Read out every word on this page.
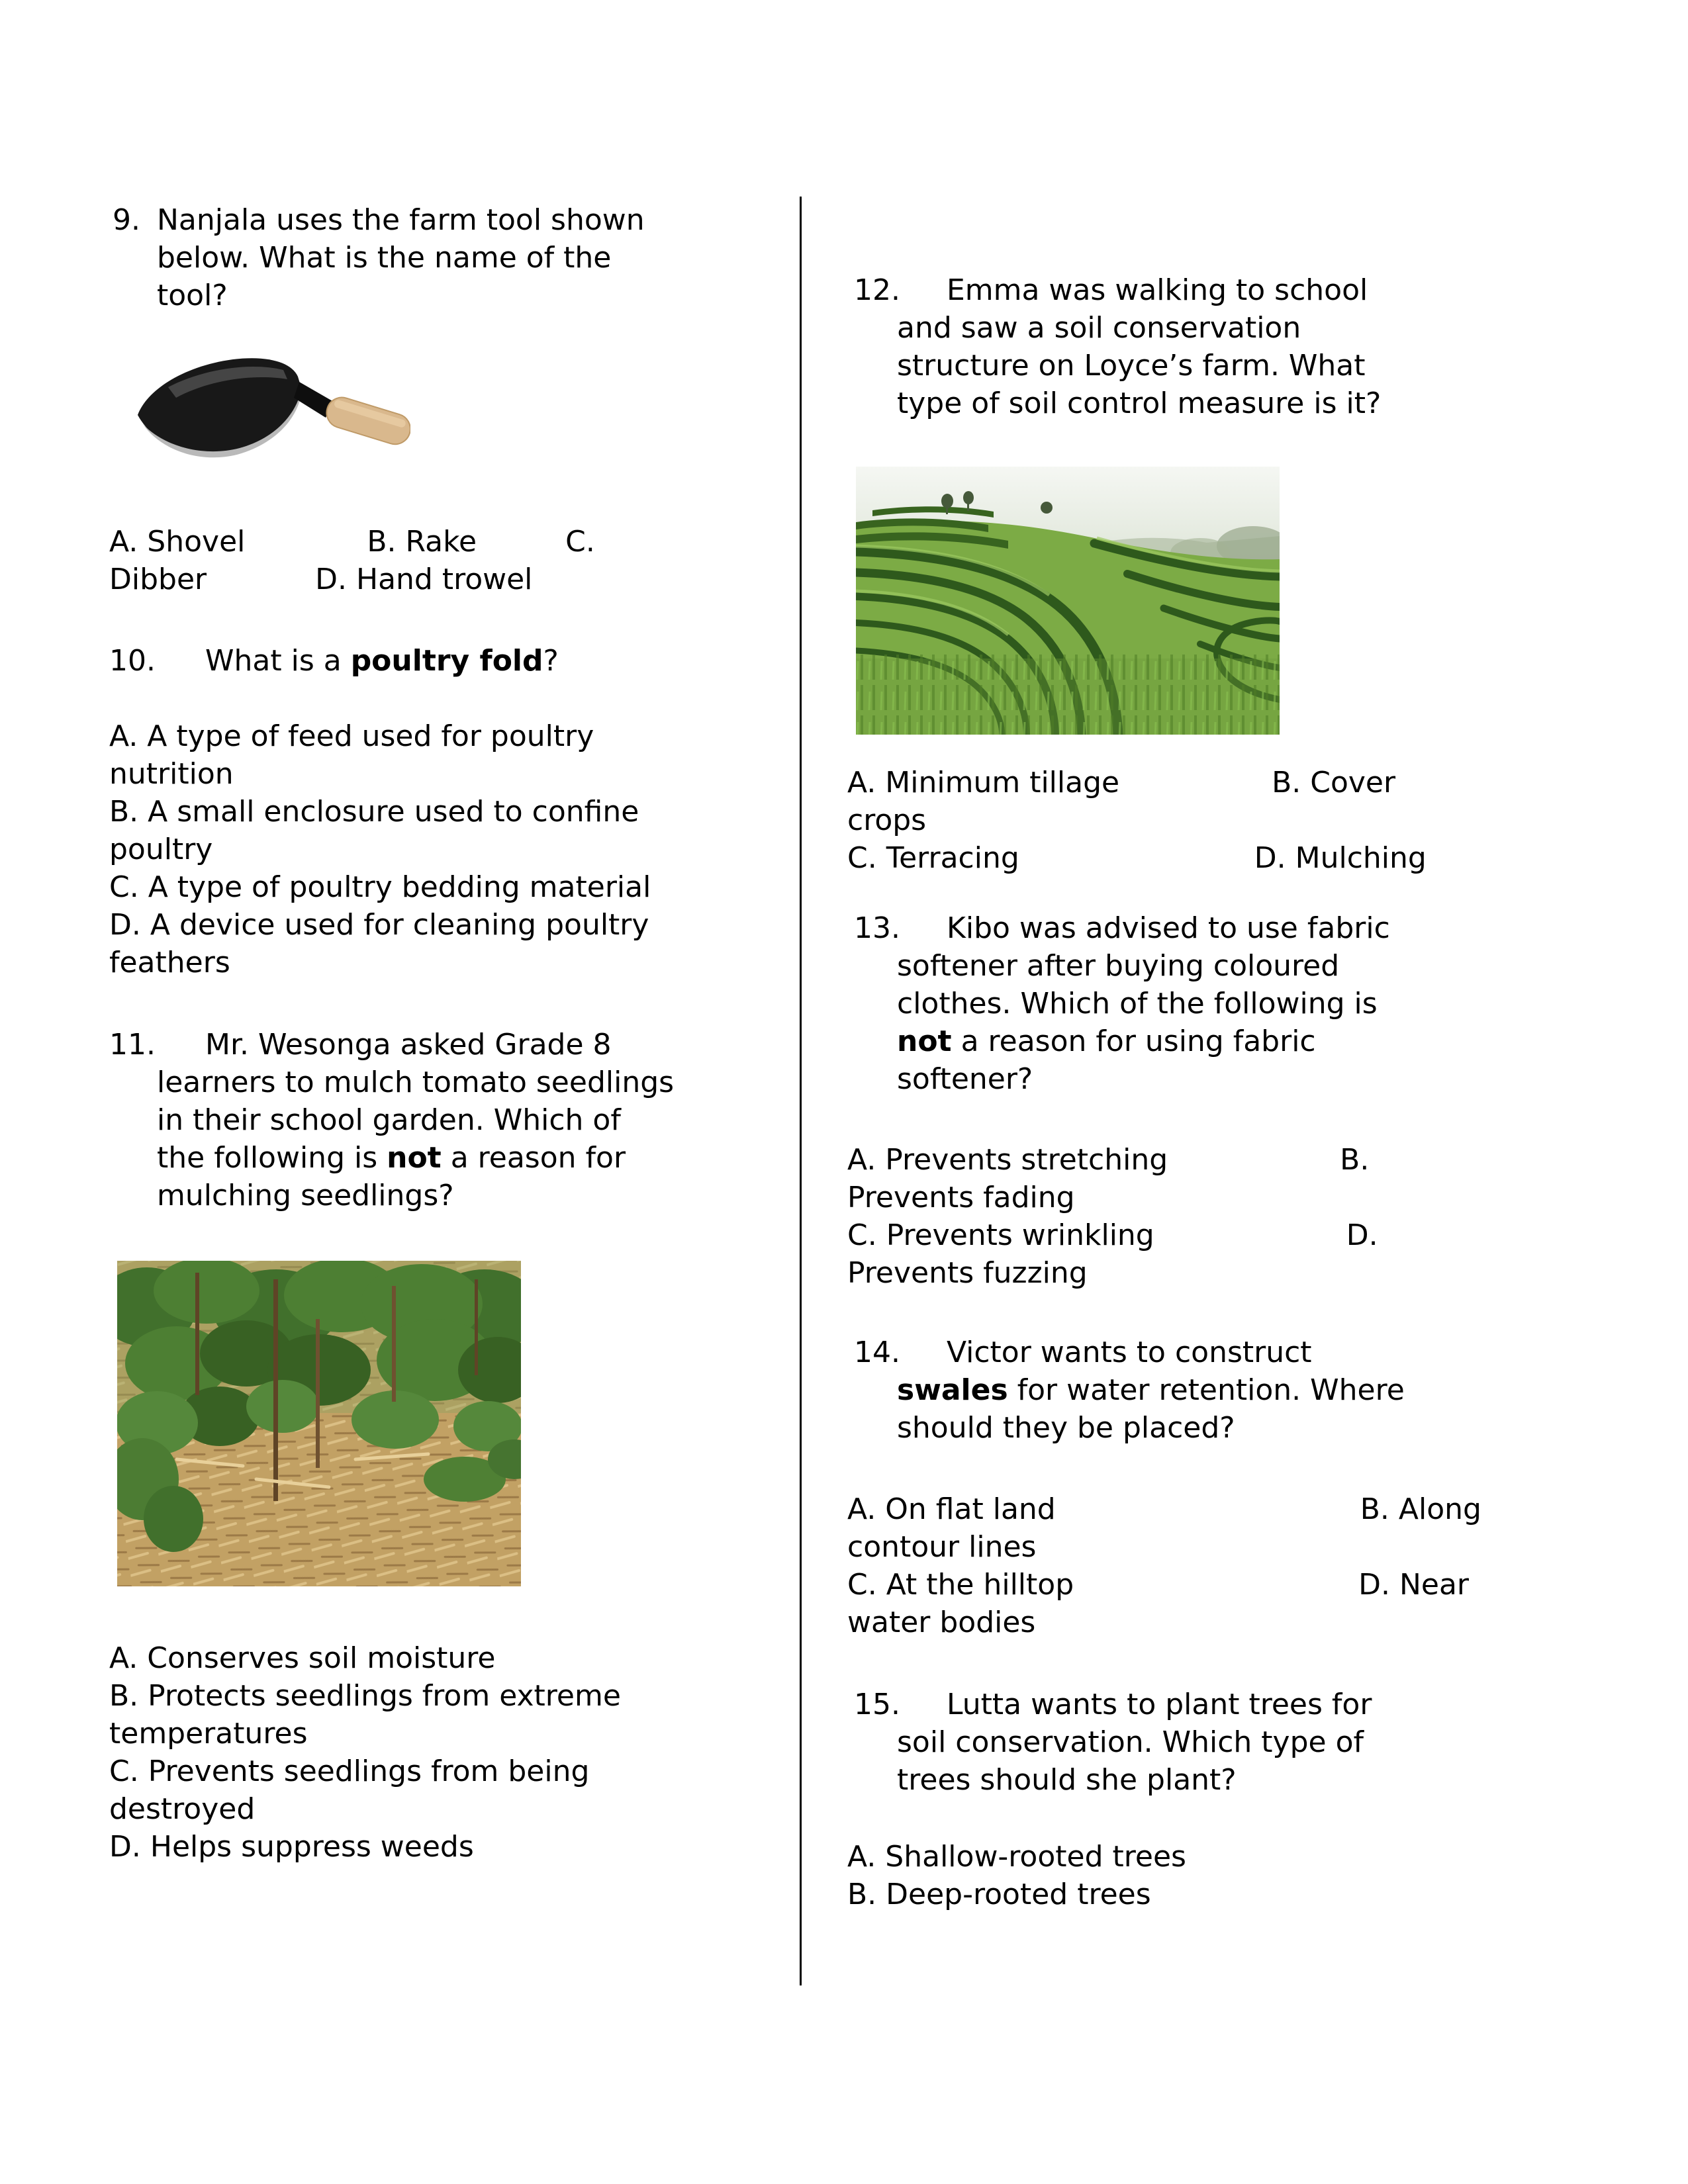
9. Nanjala uses the farm tool shown
below. What is the name of the
tool?
A. Shovel	B. Rake	C. Dibber	D. Hand trowel
10. What is a poultry fold?
A. A type of feed used for poultry nutrition
B. A small enclosure used to confine poultry
C. A type of poultry bedding material
D. A device used for cleaning poultry feathers
11.	Mr. Wesonga asked Grade 8
learners to mulch tomato seedlings
in their school garden. Which of
the following is not a reason for
mulching seedlings?
A. Conserves soil moisture
B. Protects seedlings from extreme temperatures
C. Prevents seedlings from being destroyed
D. Helps suppress weeds
12.	Emma was walking to school
and saw a soil conservation
structure on Loyce’s farm. What
type of soil control measure is it?
A. Minimum tillage	B. Cover crops
C. Terracing	D. Mulching
13.	Kibo was advised to use fabric
softener after buying coloured
clothes. Which of the following is
not a reason for using fabric
softener?
A. Prevents stretching	B. Prevents fading
C. Prevents wrinkling	D. Prevents fuzzing
14.	Victor wants to construct
swales for water retention. Where
should they be placed?
A. On flat land	B. Along contour lines
C. At the hilltop	D. Near water bodies
15.	Lutta wants to plant trees for
soil conservation. Which type of
trees should she plant?
A. Shallow-rooted trees
B. Deep-rooted trees
